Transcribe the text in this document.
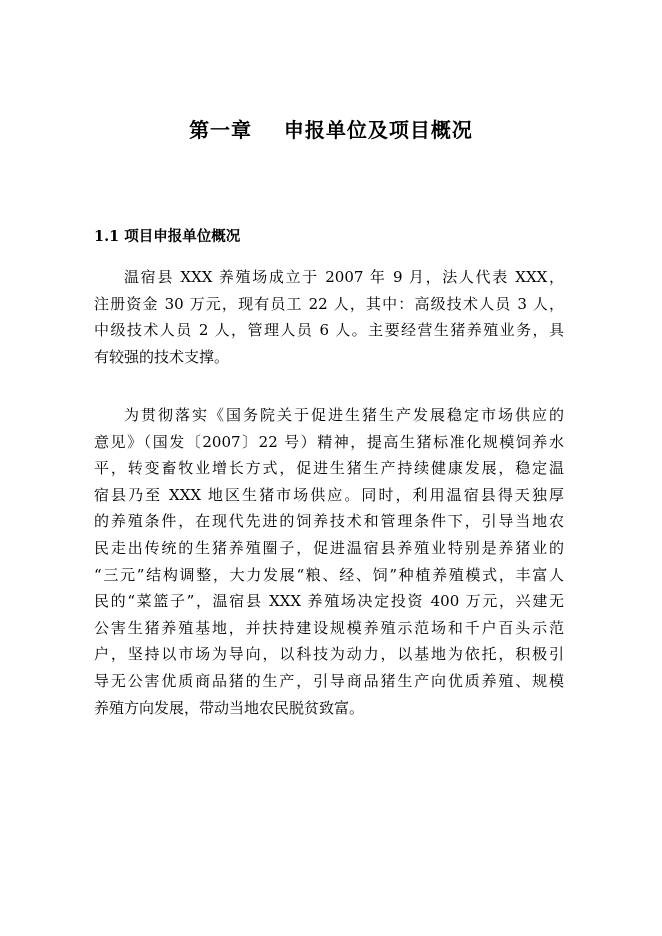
第一章    申报单位及项目概况
1.1 项目申报单位概况
温宿县 XXX 养殖场成立于 2007 年 9 月，法人代表 XXX，
注册资金 30 万元，现有员工 22 人，其中：高级技术人员 3 人，
中级技术人员 2 人，管理人员 6 人。主要经营生猪养殖业务，具
有较强的技术支撑。
为贯彻落实《国务院关于促进生猪生产发展稳定市场供应的
意见》（国发〔2007〕22 号）精神，提高生猪标准化规模饲养水
平，转变畜牧业增长方式，促进生猪生产持续健康发展，稳定温
宿县乃至 XXX 地区生猪市场供应。同时，利用温宿县得天独厚
的养殖条件，在现代先进的饲养技术和管理条件下，引导当地农
民走出传统的生猪养殖圈子，促进温宿县养殖业特别是养猪业的
“三元”结构调整，大力发展“粮、经、饲”种植养殖模式，丰富人
民的“菜篮子”，温宿县 XXX 养殖场决定投资 400 万元，兴建无
公害生猪养殖基地，并扶持建设规模养殖示范场和千户百头示范
户，坚持以市场为导向，以科技为动力，以基地为依托，积极引
导无公害优质商品猪的生产，引导商品猪生产向优质养殖、规模
养殖方向发展，带动当地农民脱贫致富。
